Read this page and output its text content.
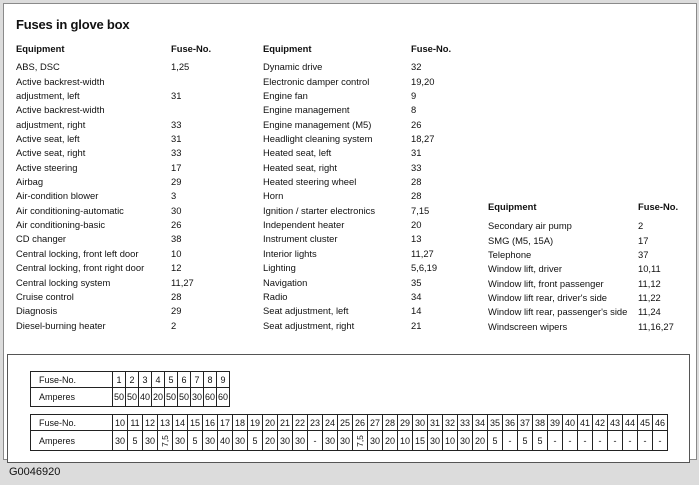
Fuses in glove box
Equipment	Fuse-No.
ABS, DSC	1,25
Active backrest-width
adjustment, left	31
Active backrest-width
adjustment, right	33
Active seat, left	31
Active seat, right	33
Active steering	17
Airbag	29
Air-condition blower	3
Air conditioning-automatic	30
Air conditioning-basic	26
CD changer	38
Central locking, front left door	10
Central locking, front right door	12
Central locking system	11,27
Cruise control	28
Diagnosis	29
Diesel-burning heater	2
Equipment	Fuse-No.
Dynamic drive	32
Electronic damper control	19,20
Engine fan	9
Engine management	8
Engine management (M5)	26
Headlight cleaning system	18,27
Heated seat, left	31
Heated seat, right	33
Heated steering wheel	28
Horn	28
Ignition / starter electronics	7,15
Independent heater	20
Instrument cluster	13
Interior lights	11,27
Lighting	5,6,19
Navigation	35
Radio	34
Seat adjustment, left	14
Seat adjustment, right	21
Equipment	Fuse-No.
Secondary air pump	2
SMG (M5, 15A)	17
Telephone	37
Window lift, driver	10,11
Window lift, front passenger	11,12
Window lift rear, driver's side	11,22
Window lift rear, passenger's side	11,24
Windscreen wipers	11,16,27
Fuse-No.	1	2	3	4	5	6	7	8	9
Amperes	50	50	40	20	50	50	30	60	60
Fuse-No.	10	11	12	13	14	15	16	17	18	19	20	21	22	23	24	25	26	27	28	29	30	31	32	33	34	35	36	37	38	39	40	41	42	43	44	45	46
Amperes	30	5	30	7,5	30	5	30	40	30	5	20	30	30	-	30	30	7,5	30	20	10	15	30	10	30	20	5	-	5	5	-	-	-	-	-	-	-	-
G0046920
